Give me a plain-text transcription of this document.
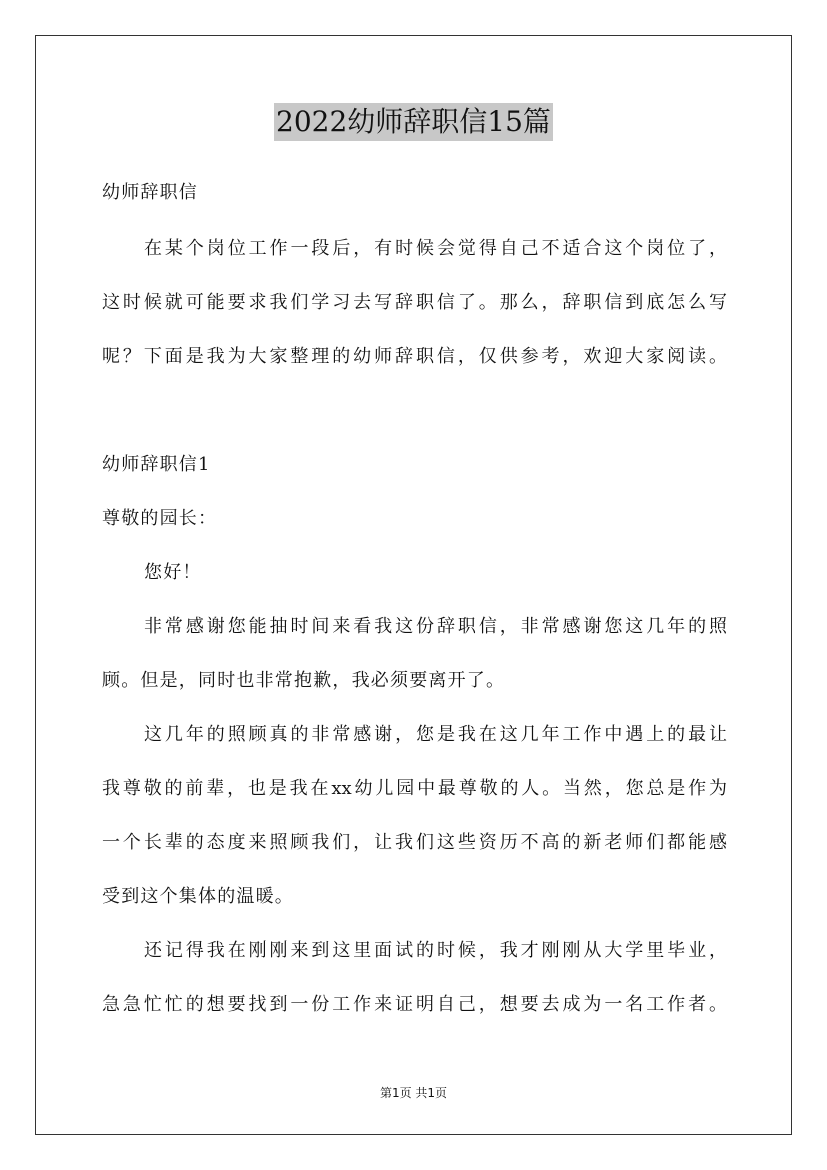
2022幼师辞职信15篇
幼师辞职信
在某个岗位工作一段后，有时候会觉得自己不适合这个岗位了，
这时候就可能要求我们学习去写辞职信了。那么，辞职信到底怎么写
呢？下面是我为大家整理的幼师辞职信，仅供参考，欢迎大家阅读。
幼师辞职信1
尊敬的园长：
您好！
非常感谢您能抽时间来看我这份辞职信，非常感谢您这几年的照
顾。但是，同时也非常抱歉，我必须要离开了。
这几年的照顾真的非常感谢，您是我在这几年工作中遇上的最让
我尊敬的前辈，也是我在xx幼儿园中最尊敬的人。当然，您总是作为
一个长辈的态度来照顾我们，让我们这些资历不高的新老师们都能感
受到这个集体的温暖。
还记得我在刚刚来到这里面试的时候，我才刚刚从大学里毕业，
急急忙忙的想要找到一份工作来证明自己，想要去成为一名工作者。
第1页 共1页
